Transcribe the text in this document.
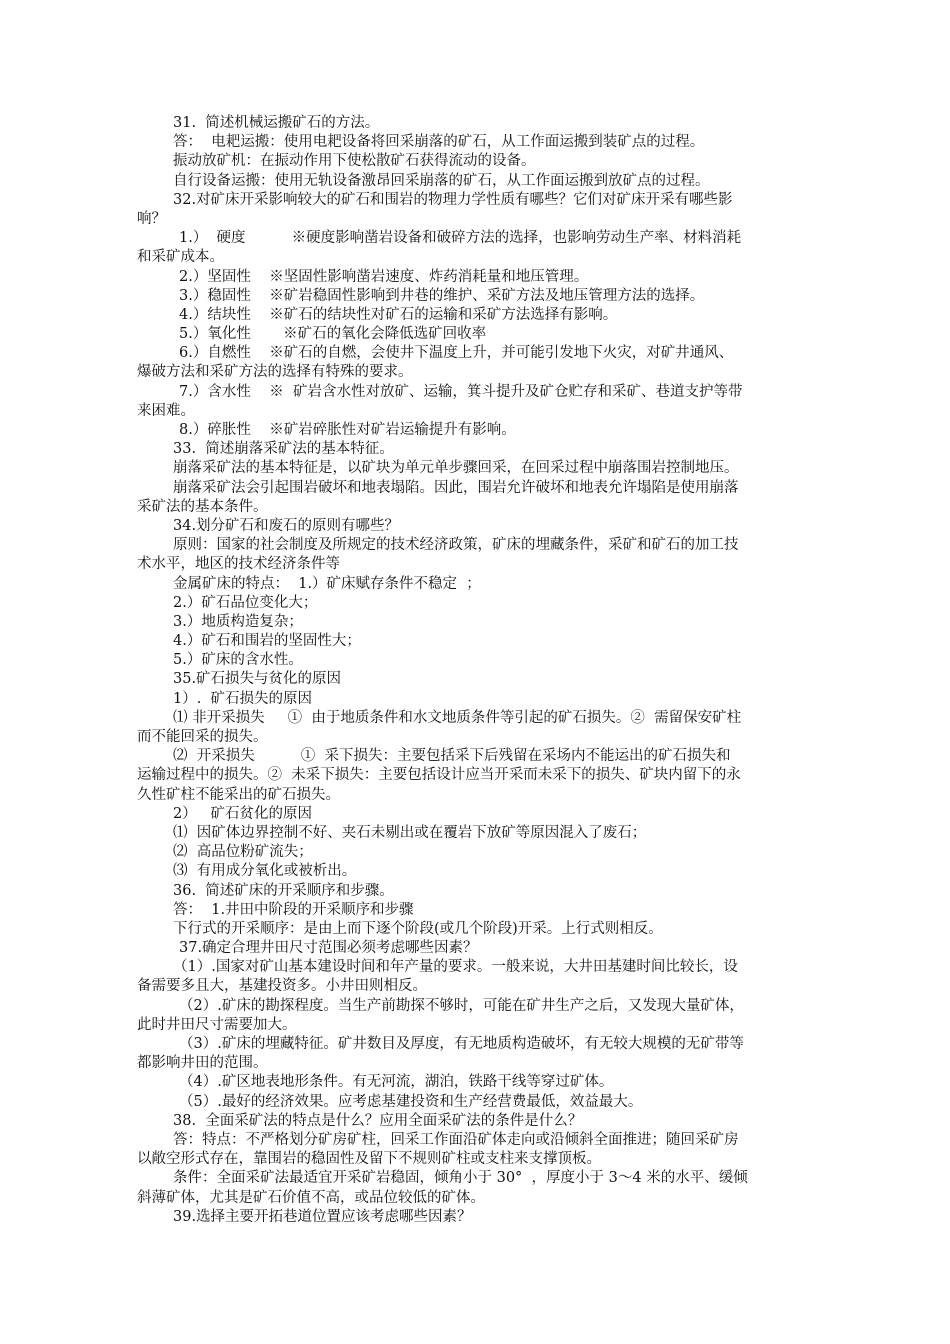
31.  简述机械运搬矿石的方法。
答：  电耙运搬：使用电耙设备将回采崩落的矿石，从工作面运搬到装矿点的过程。
振动放矿机：在振动作用下使松散矿石获得流动的设备。
自行设备运搬：使用无轨设备激昂回采崩落的矿石，从工作面运搬到放矿点的过程。
32.对矿床开采影响较大的矿石和围岩的物理力学性质有哪些？它们对矿床开采有哪些影
响？
1.）  硬度          ※硬度影响凿岩设备和破碎方法的选择，也影响劳动生产率、材料消耗
和采矿成本。
2.）坚固性    ※坚固性影响凿岩速度、炸药消耗量和地压管理。
3.）稳固性    ※矿岩稳固性影响到井巷的维护、采矿方法及地压管理方法的选择。
4.）结块性    ※矿石的结块性对矿石的运输和采矿方法选择有影响。
5.）氧化性       ※矿石的氧化会降低选矿回收率
6.）自燃性    ※矿石的自燃，会使井下温度上升，并可能引发地下火灾，对矿井通风、
爆破方法和采矿方法的选择有特殊的要求。
7.）含水性    ※  矿岩含水性对放矿、运输，箕斗提升及矿仓贮存和采矿、巷道支护等带
来困难。
8.）碎胀性    ※矿岩碎胀性对矿岩运输提升有影响。
33.  简述崩落采矿法的基本特征。
崩落采矿法的基本特征是，以矿块为单元单步骤回采，在回采过程中崩落围岩控制地压。
崩落采矿法会引起围岩破坏和地表塌陷。因此，围岩允许破坏和地表允许塌陷是使用崩落
采矿法的基本条件。
34.划分矿石和废石的原则有哪些？
原则：国家的社会制度及所规定的技术经济政策，矿床的埋藏条件，采矿和矿石的加工技
术水平，地区的技术经济条件等
金属矿床的特点：  1.）矿床赋存条件不稳定  ；
2.）矿石品位变化大；
3.）地质构造复杂；
4.）矿石和围岩的坚固性大；
5.）矿床的含水性。
35.矿石损失与贫化的原因
1）.  矿石损失的原因
⑴ 非开采损失     ①  由于地质条件和水文地质条件等引起的矿石损失。②  需留保安矿柱
而不能回采的损失。
⑵  开采损失          ①  采下损失：主要包括采下后残留在采场内不能运出的矿石损失和
运输过程中的损失。②  未采下损失：主要包括设计应当开采而未采下的损失、矿块内留下的永
久性矿柱不能采出的矿石损失。
2）   矿石贫化的原因
⑴  因矿体边界控制不好、夹石未剔出或在覆岩下放矿等原因混入了废石；
⑵  高品位粉矿流失；
⑶  有用成分氧化或被析出。
36.  简述矿床的开采顺序和步骤。
答：  1.井田中阶段的开采顺序和步骤
下行式的开采顺序：是由上而下逐个阶段(或几个阶段)开采。上行式则相反。
37.确定合理井田尺寸范围必须考虑哪些因素？
（1）.国家对矿山基本建设时间和年产量的要求。一般来说，大井田基建时间比较长，设
备需要多且大，基建投资多。小井田则相反。
（2）.矿床的勘探程度。当生产前勘探不够时，可能在矿井生产之后，又发现大量矿体，
此时井田尺寸需要加大。
（3）.矿床的埋藏特征。矿井数目及厚度，有无地质构造破坏，有无较大规模的无矿带等
都影响井田的范围。
（4）.矿区地表地形条件。有无河流，湖泊，铁路干线等穿过矿体。
（5）.最好的经济效果。应考虑基建投资和生产经营费最低，效益最大。
38.  全面采矿法的特点是什么？应用全面采矿法的条件是什么？
答：特点：不严格划分矿房矿柱，回采工作面沿矿体走向或沿倾斜全面推进；随回采矿房
以敞空形式存在，靠围岩的稳固性及留下不规则矿柱或支柱来支撑顶板。
条件：全面采矿法最适宜开采矿岩稳固，倾角小于 30°  ，厚度小于 3～4 米的水平、缓倾
斜薄矿体，尤其是矿石价值不高，或品位较低的矿体。
39.选择主要开拓巷道位置应该考虑哪些因素？
